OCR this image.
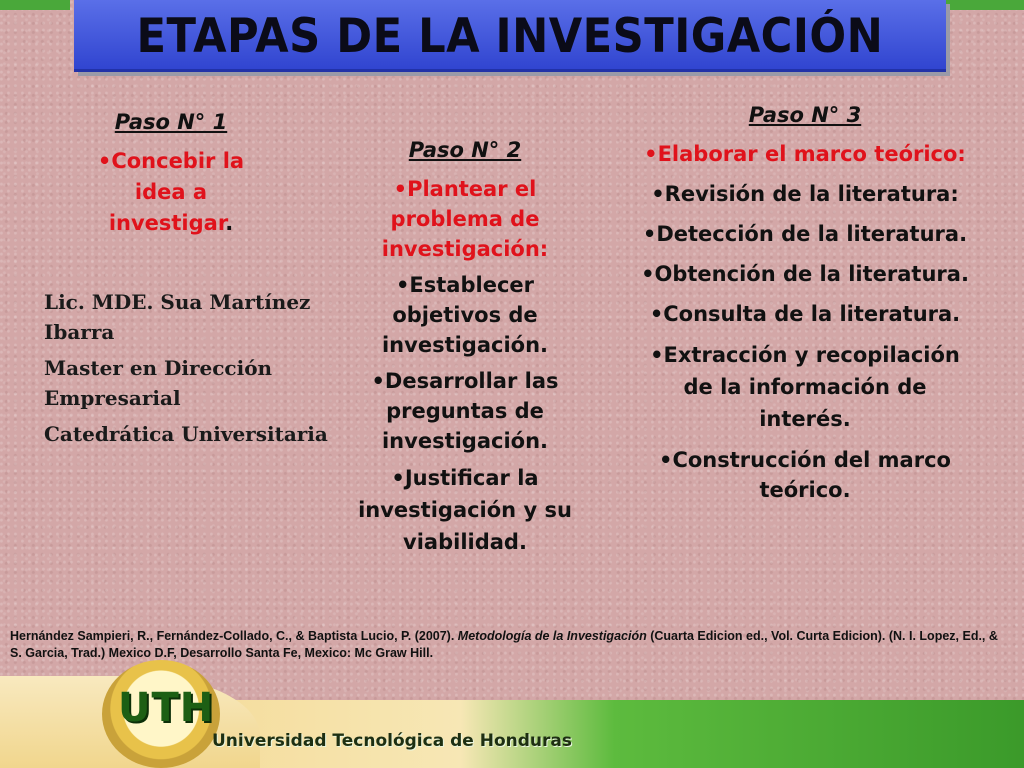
ETAPAS DE LA INVESTIGACIÓN

Paso N° 1

•Concebir la idea a investigar.

Lic. MDE. Sua Martínez Ibarra

Master en Dirección Empresarial

Catedrática Universitaria

Paso N° 2

•Plantear el problema de investigación:

•Establecer objetivos de investigación.

•Desarrollar las preguntas de investigación.

•Justificar la investigación y su viabilidad.

Paso N° 3

•Elaborar el marco teórico:

•Revisión de la literatura:

•Detección de la literatura.

•Obtención de la literatura.

•Consulta de la literatura.

•Extracción y recopilación de la información de interés.

•Construcción del marco teórico.

UTH
Universidad Tecnológica de Honduras
Hernández Sampieri, R., Fernández-Collado, C., & Baptista Lucio, P. (2007). Metodología de la Investigación (Cuarta Edicion ed., Vol. Curta Edicion). (N. I. Lopez, Ed., & S. Garcia, Trad.) Mexico D.F, Desarrollo Santa Fe, Mexico: Mc Graw Hill.
